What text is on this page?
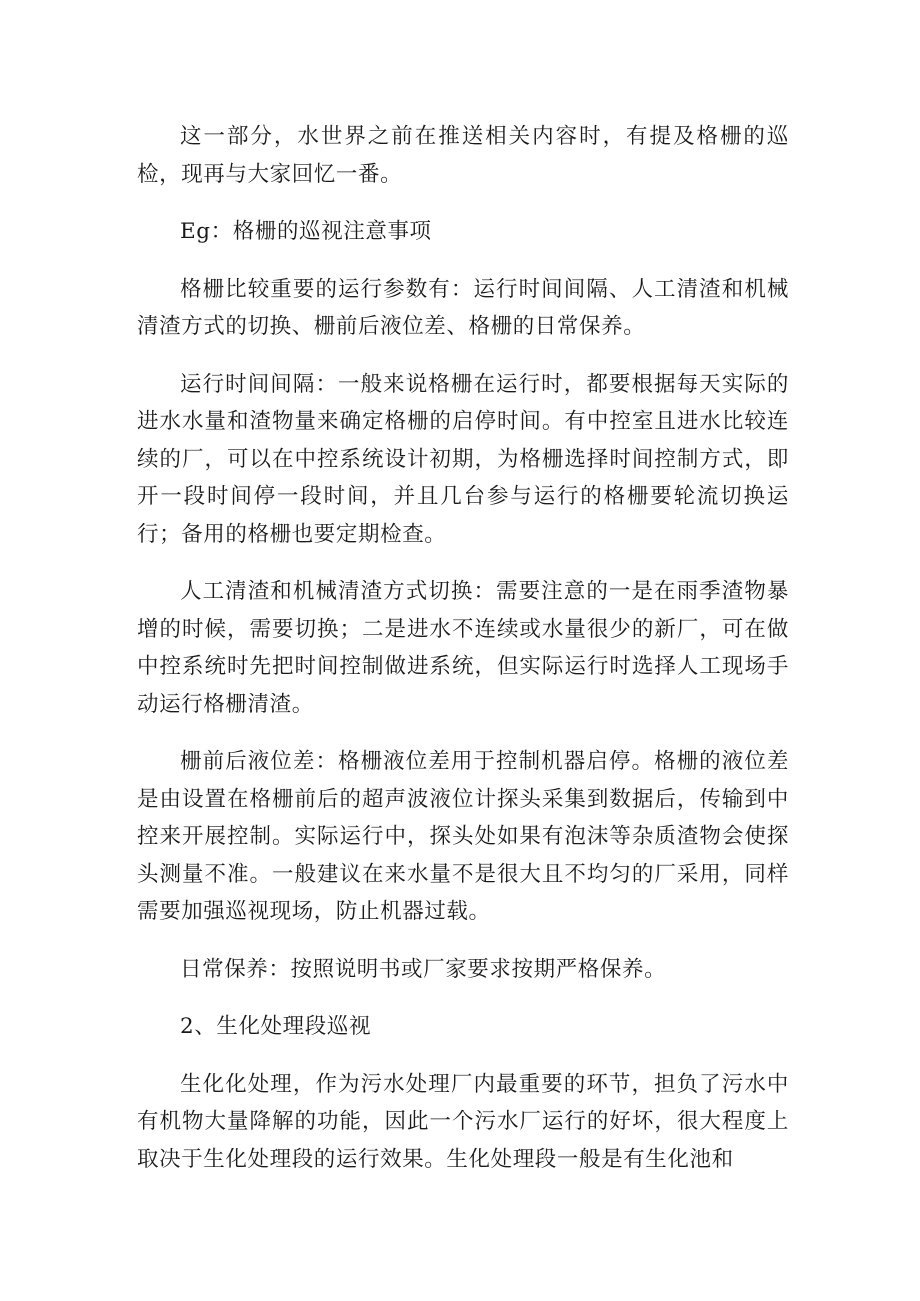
这一部分，水世界之前在推送相关内容时，有提及格栅的巡检，现再与大家回忆一番。

Eg：格栅的巡视注意事项

格栅比较重要的运行参数有：运行时间间隔、人工清渣和机械清渣方式的切换、栅前后液位差、格栅的日常保养。

运行时间间隔：一般来说格栅在运行时，都要根据每天实际的进水水量和渣物量来确定格栅的启停时间。有中控室且进水比较连续的厂，可以在中控系统设计初期，为格栅选择时间控制方式，即开一段时间停一段时间，并且几台参与运行的格栅要轮流切换运行；备用的格栅也要定期检查。

人工清渣和机械清渣方式切换：需要注意的一是在雨季渣物暴增的时候，需要切换；二是进水不连续或水量很少的新厂，可在做中控系统时先把时间控制做进系统，但实际运行时选择人工现场手动运行格栅清渣。

栅前后液位差：格栅液位差用于控制机器启停。格栅的液位差是由设置在格栅前后的超声波液位计探头采集到数据后，传输到中控来开展控制。实际运行中，探头处如果有泡沫等杂质渣物会使探头测量不准。一般建议在来水量不是很大且不均匀的厂采用，同样需要加强巡视现场，防止机器过载。

日常保养：按照说明书或厂家要求按期严格保养。

2、生化处理段巡视

生化化处理，作为污水处理厂内最重要的环节，担负了污水中有机物大量降解的功能，因此一个污水厂运行的好坏，很大程度上取决于生化处理段的运行效果。生化处理段一般是有生化池和
